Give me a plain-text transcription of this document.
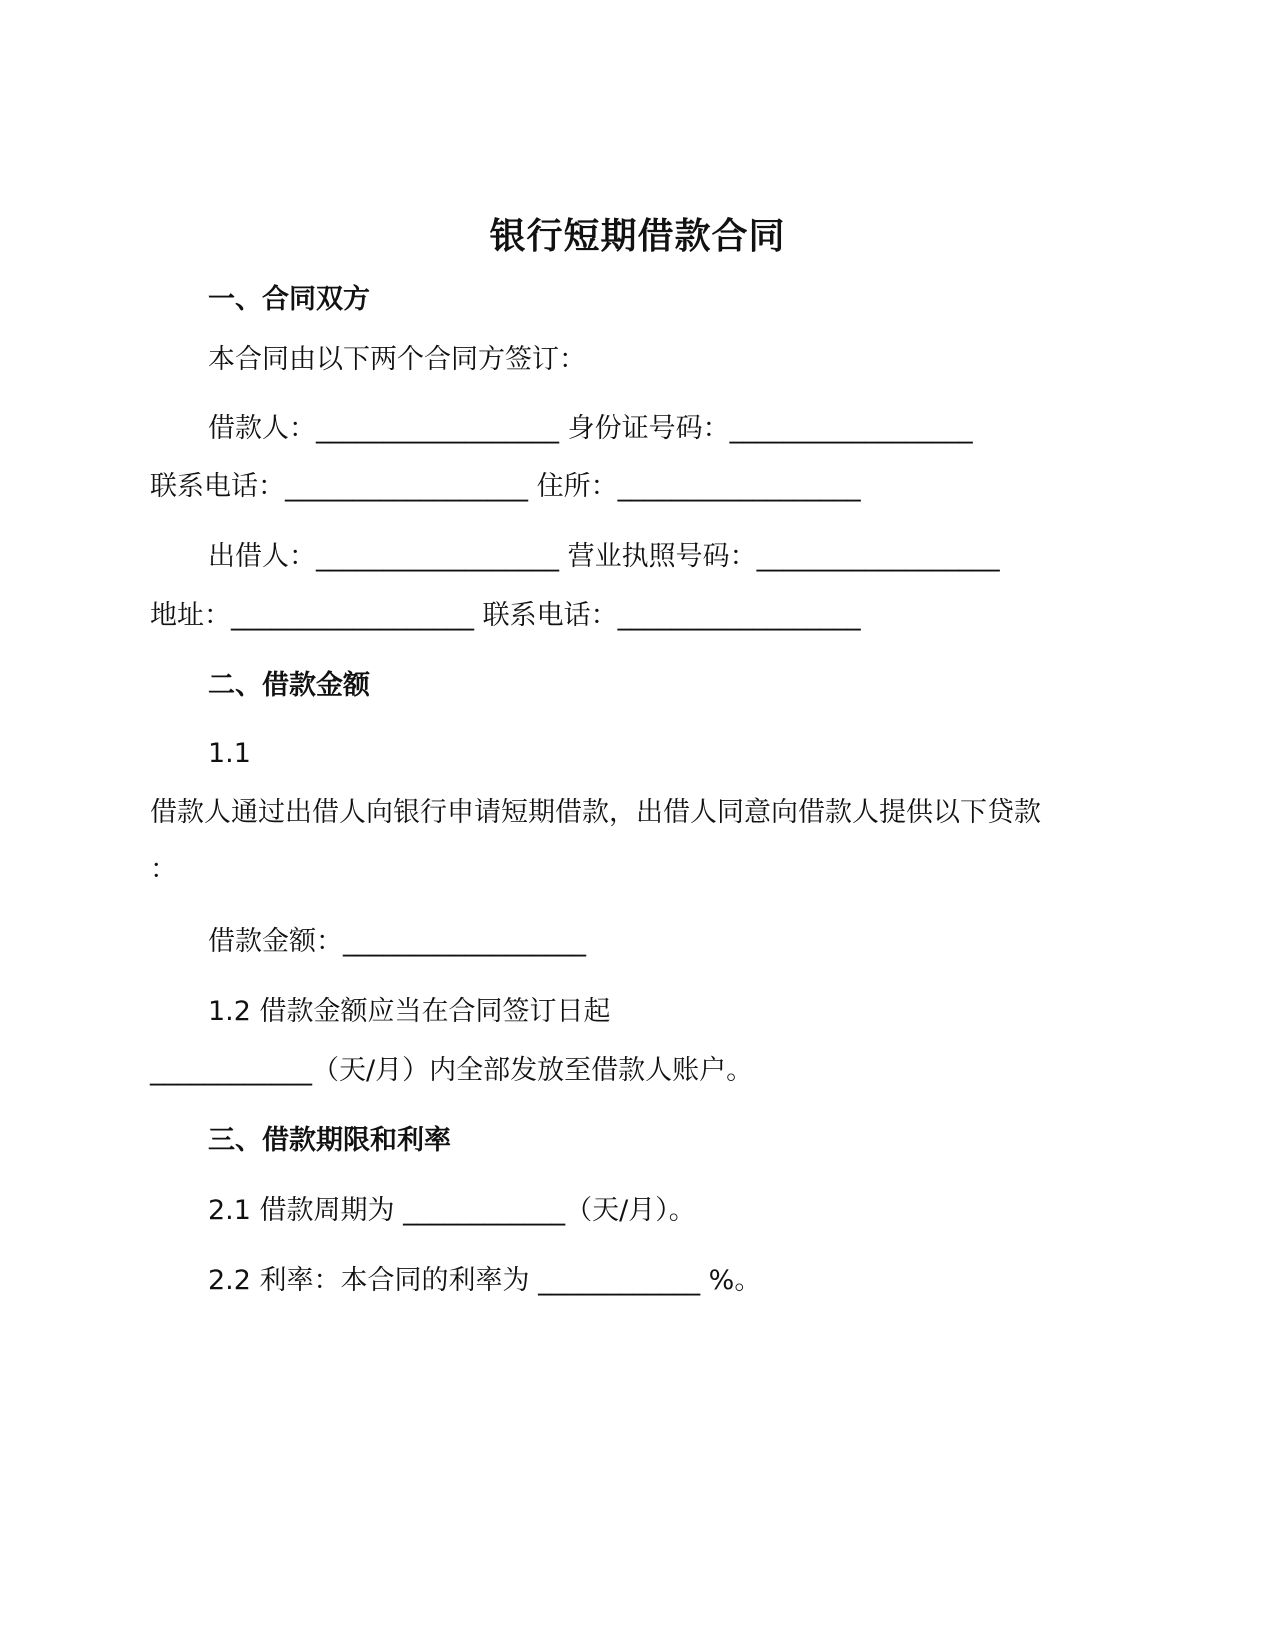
银行短期借款合同
一、合同双方
本合同由以下两个合同方签订：
借款人：__________________ 身份证号码：__________________
联系电话：__________________ 住所：__________________
出借人：__________________ 营业执照号码：__________________
地址：__________________ 联系电话：__________________
二、借款金额
1.1
借款人通过出借人向银行申请短期借款，出借人同意向借款人提供以下贷款
：
借款金额：__________________
1.2 借款金额应当在合同签订日起
____________（天/月）内全部发放至借款人账户。
三、借款期限和利率
2.1 借款周期为 ____________（天/月）。
2.2 利率：本合同的利率为 ____________ %。
